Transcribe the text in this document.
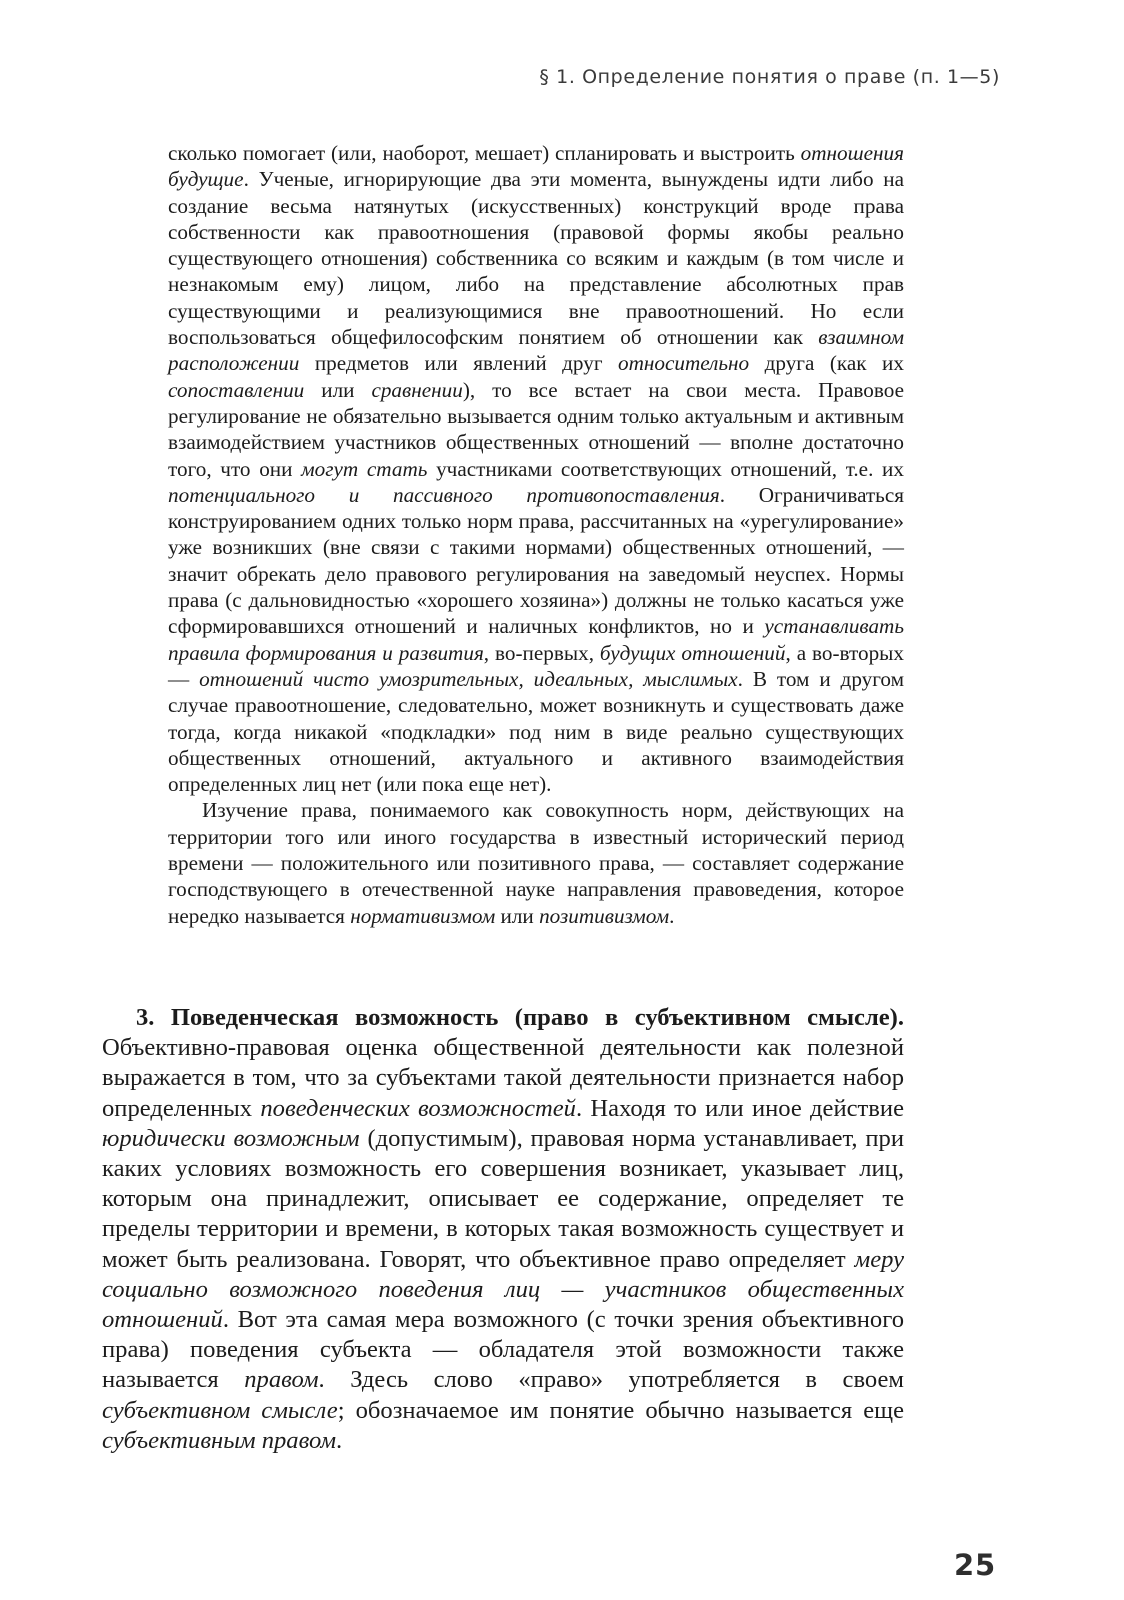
§ 1. Определение понятия о праве (п. 1—5)

сколько помогает (или, наоборот, мешает) спланировать и выстроить отношения будущие. Ученые, игнорирующие два эти момента, вынуждены идти либо на создание весьма натянутых (искусственных) конструкций вроде права собственности как правоотношения (правовой формы якобы реально существующего отношения) собственника со всяким и каждым (в том числе и незнакомым ему) лицом, либо на представление абсолютных прав существующими и реализующимися вне правоотношений. Но если воспользоваться общефилософским понятием об отношении как взаимном расположении предметов или явлений друг относительно друга (как их сопоставлении или сравнении), то все встает на свои места. Правовое регулирование не обязательно вызывается одним только актуальным и активным взаимодействием участников общественных отношений — вполне достаточно того, что они могут стать участниками соответствующих отношений, т.е. их потенциального и пассивного противопоставления. Ограничиваться конструированием одних только норм права, рассчитанных на «урегулирование» уже возникших (вне связи с такими нормами) общественных отношений, — значит обрекать дело правового регулирования на заведомый неуспех. Нормы права (с дальновидностью «хорошего хозяина») должны не только касаться уже сформировавшихся отношений и наличных конфликтов, но и устанавливать правила формирования и развития, во-первых, будущих отношений, а во-вторых — отношений чисто умозрительных, идеальных, мыслимых. В том и другом случае правоотношение, следовательно, может возникнуть и существовать даже тогда, когда никакой «подкладки» под ним в виде реально существующих общественных отношений, актуального и активного взаимодействия определенных лиц нет (или пока еще нет).

Изучение права, понимаемого как совокупность норм, действующих на территории того или иного государства в известный исторический период времени — положительного или позитивного права, — составляет содержание господствующего в отечественной науке направления правоведения, которое нередко называется нормативизмом или позитивизмом.

3. Поведенческая возможность (право в субъективном смысле). Объективно-правовая оценка общественной деятельности как полезной выражается в том, что за субъектами такой деятельности признается набор определенных поведенческих возможностей. Находя то или иное действие юридически возможным (допустимым), правовая норма устанавливает, при каких условиях возможность его совершения возникает, указывает лиц, которым она принадлежит, описывает ее содержание, определяет те пределы территории и времени, в которых такая возможность существует и может быть реализована. Говорят, что объективное право определяет меру социально возможного поведения лиц — участников общественных отношений. Вот эта самая мера возможного (с точки зрения объективного права) поведения субъекта — обладателя этой возможности также называется правом. Здесь слово «право» употребляется в своем субъективном смысле; обозначаемое им понятие обычно называется еще субъективным правом.

25
